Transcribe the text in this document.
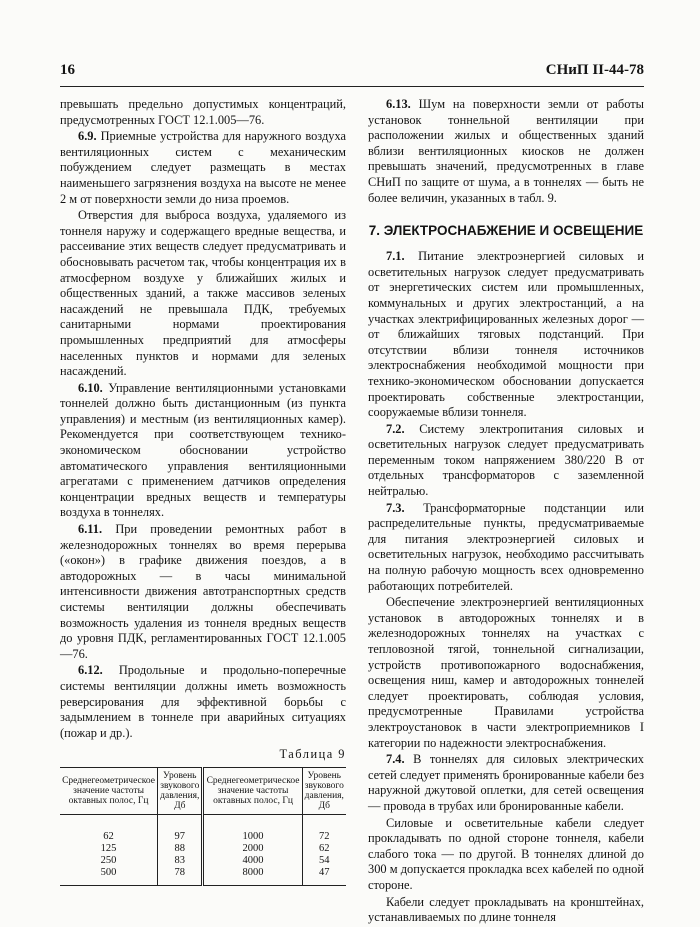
16	СНиП II-44-78

превышать предельно допустимых концентраций, предусмотренных ГОСТ 12.1.005—76.

6.9. Приемные устройства для наружного воздуха вентиляционных систем с механическим побуждением следует размещать в местах наименьшего загрязнения воздуха на высоте не менее 2 м от поверхности земли до низа проемов.

Отверстия для выброса воздуха, удаляемого из тоннеля наружу и содержащего вредные вещества, и рассеивание этих веществ следует предусматривать и обосновывать расчетом так, чтобы концентрация их в атмосферном воздухе у ближайших жилых и общественных зданий, а также массивов зеленых насаждений не превышала ПДК, требуемых санитарными нормами проектирования промышленных предприятий для атмосферы населенных пунктов и нормами для зеленых насаждений.

6.10. Управление вентиляционными установками тоннелей должно быть дистанционным (из пункта управления) и местным (из вентиляционных камер). Рекомендуется при соответствующем технико-экономическом обосновании устройство автоматического управления вентиляционными агрегатами с применением датчиков определения концентрации вредных веществ и температуры воздуха в тоннелях.

6.11. При проведении ремонтных работ в железнодорожных тоннелях во время перерыва («окон») в графике движения поездов, а в автодорожных — в часы минимальной интенсивности движения автотранспортных средств системы вентиляции должны обеспечивать возможность удаления из тоннеля вредных веществ до уровня ПДК, регламентированных ГОСТ 12.1.005—76.

6.12. Продольные и продольно-поперечные системы вентиляции должны иметь возможность реверсирования для эффективной борьбы с задымлением в тоннеле при аварийных ситуациях (пожар и др.).

Таблица 9
Среднегеометрическое значение частоты октавных полос, Гц	Уровень звукового давления, Дб	Среднегеометрическое значение частоты октавных полос, Гц	Уровень звукового давления, Дб
62	97	1000	72
125	88	2000	62
250	83	4000	54
500	78	8000	47

6.13. Шум на поверхности земли от работы установок тоннельной вентиляции при расположении жилых и общественных зданий вблизи вентиляционных киосков не должен превышать значений, предусмотренных в главе СНиП по защите от шума, а в тоннелях — быть не более величин, указанных в табл. 9.

7. ЭЛЕКТРОСНАБЖЕНИЕ И ОСВЕЩЕНИЕ

7.1. Питание электроэнергией силовых и осветительных нагрузок следует предусматривать от энергетических систем или промышленных, коммунальных и других электростанций, а на участках электрифицированных железных дорог — от ближайших тяговых подстанций. При отсутствии вблизи тоннеля источников электроснабжения необходимой мощности при технико-экономическом обосновании допускается проектировать собственные электростанции, сооружаемые вблизи тоннеля.

7.2. Систему электропитания силовых и осветительных нагрузок следует предусматривать переменным током напряжением 380/220 В от отдельных трансформаторов с заземленной нейтралью.

7.3. Трансформаторные подстанции или распределительные пункты, предусматриваемые для питания электроэнергией силовых и осветительных нагрузок, необходимо рассчитывать на полную рабочую мощность всех одновременно работающих потребителей.

Обеспечение электроэнергией вентиляционных установок в автодорожных тоннелях и в железнодорожных тоннелях на участках с тепловозной тягой, тоннельной сигнализации, устройств противопожарного водоснабжения, освещения ниш, камер и автодорожных тоннелей следует проектировать, соблюдая условия, предусмотренные Правилами устройства электроустановок в части электроприемников I категории по надежности электроснабжения.

7.4. В тоннелях для силовых электрических сетей следует применять бронированные кабели без наружной джутовой оплетки, для сетей освещения — провода в трубах или бронированные кабели.

Силовые и осветительные кабели следует прокладывать по одной стороне тоннеля, кабели слабого тока — по другой. В тоннелях длиной до 300 м допускается прокладка всех кабелей по одной стороне.

Кабели следует прокладывать на кронштейнах, устанавливаемых по длине тоннеля
